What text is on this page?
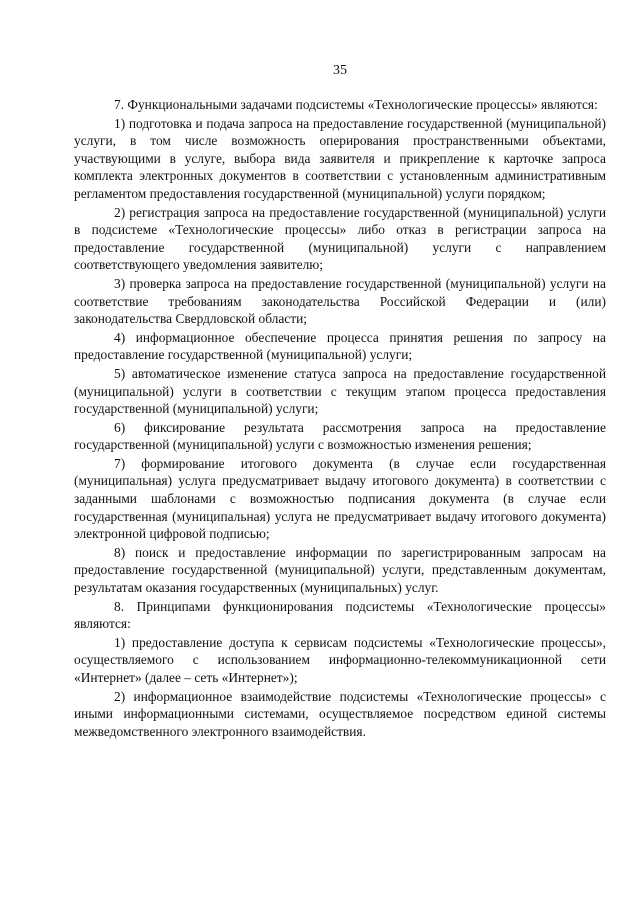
35

7. Функциональными задачами подсистемы «Технологические процессы» являются:

1) подготовка и подача запроса на предоставление государственной (муниципальной) услуги, в том числе возможность оперирования пространственными объектами, участвующими в услуге, выбора вида заявителя и прикрепление к карточке запроса комплекта электронных документов в соответствии с установленным административным регламентом предоставления государственной (муниципальной) услуги порядком;

2) регистрация запроса на предоставление государственной (муниципальной) услуги в подсистеме «Технологические процессы» либо отказ в регистрации запроса на предоставление государственной (муниципальной) услуги с направлением соответствующего уведомления заявителю;

3) проверка запроса на предоставление государственной (муниципальной) услуги на соответствие требованиям законодательства Российской Федерации и (или) законодательства Свердловской области;

4) информационное обеспечение процесса принятия решения по запросу на предоставление государственной (муниципальной) услуги;

5) автоматическое изменение статуса запроса на предоставление государственной (муниципальной) услуги в соответствии с текущим этапом процесса предоставления государственной (муниципальной) услуги;

6) фиксирование результата рассмотрения запроса на предоставление государственной (муниципальной) услуги с возможностью изменения решения;

7) формирование итогового документа (в случае если государственная (муниципальная) услуга предусматривает выдачу итогового документа) в соответствии с заданными шаблонами с возможностью подписания документа (в случае если государственная (муниципальная) услуга не предусматривает выдачу итогового документа) электронной цифровой подписью;

8) поиск и предоставление информации по зарегистрированным запросам на предоставление государственной (муниципальной) услуги, представленным документам, результатам оказания государственных (муниципальных) услуг.

8. Принципами функционирования подсистемы «Технологические процессы» являются:

1) предоставление доступа к сервисам подсистемы «Технологические процессы», осуществляемого с использованием информационно-телекоммуникационной сети «Интернет» (далее – сеть «Интернет»);

2) информационное взаимодействие подсистемы «Технологические процессы» с иными информационными системами, осуществляемое посредством единой системы межведомственного электронного взаимодействия.
